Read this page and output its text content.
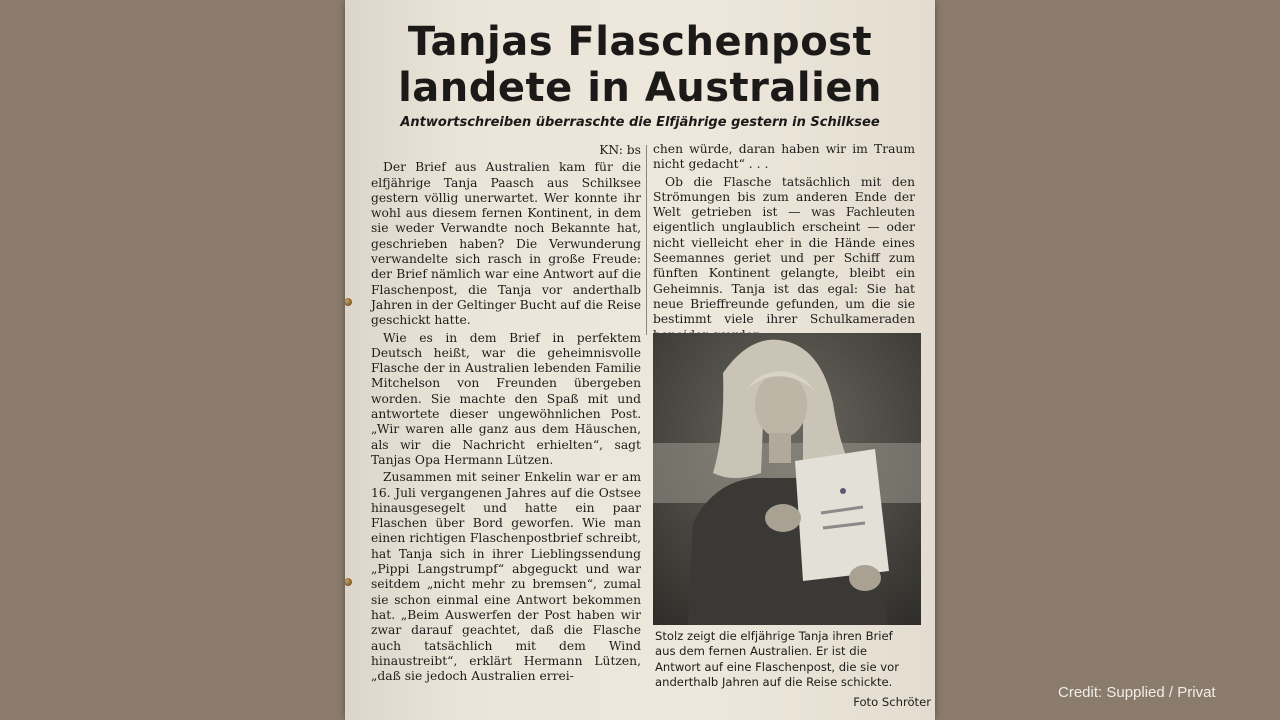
Tanjas Flaschenpost
landete in Australien
Antwortschreiben überraschte die Elfjährige gestern in Schilksee

KN: bs

Der Brief aus Australien kam für die elfjährige Tanja Paasch aus Schilksee gestern völlig unerwartet. Wer konnte ihr wohl aus diesem fernen Kontinent, in dem sie weder Verwandte noch Bekannte hat, geschrieben haben? Die Verwunderung verwandelte sich rasch in große Freude: der Brief nämlich war eine Antwort auf die Flaschenpost, die Tanja vor anderthalb Jahren in der Geltinger Bucht auf die Reise geschickt hatte.

Wie es in dem Brief in perfektem Deutsch heißt, war die geheimnisvolle Flasche der in Australien lebenden Familie Mitchelson von Freunden übergeben worden. Sie machte den Spaß mit und antwortete dieser ungewöhnlichen Post. „Wir waren alle ganz aus dem Häuschen, als wir die Nachricht erhielten“, sagt Tanjas Opa Hermann Lützen.

Zusammen mit seiner Enkelin war er am 16. Juli vergangenen Jahres auf die Ostsee hinausgesegelt und hatte ein paar Flaschen über Bord geworfen. Wie man einen richtigen Flaschenpostbrief schreibt, hat Tanja sich in ihrer Lieblingssendung „Pippi Langstrumpf“ abgeguckt und war seitdem „nicht mehr zu bremsen“, zumal sie schon einmal eine Antwort bekommen hat. „Beim Auswerfen der Post haben wir zwar darauf geachtet, daß die Flasche auch tatsächlich mit dem Wind hinaustreibt“, erklärt Hermann Lützen, „daß sie jedoch Australien errei-

chen würde, daran haben wir im Traum nicht gedacht“ . . .

Ob die Flasche tatsächlich mit den Strömungen bis zum anderen Ende der Welt getrieben ist — was Fachleuten eigentlich unglaublich erscheint — oder nicht vielleicht eher in die Hände eines Seemannes geriet und per Schiff zum fünften Kontinent gelangte, bleibt ein Geheimnis. Tanja ist das egal: Sie hat neue Brieffreunde gefunden, um die sie bestimmt viele ihrer Schulkameraden

Stolz zeigt die elfjährige Tanja ihren Brief
aus dem fernen Australien. Er ist die
Antwort auf eine Flaschenpost, die sie vor
anderthalb Jahren auf die Reise schickte.
Foto Schröter
Credit: Supplied / Privat
